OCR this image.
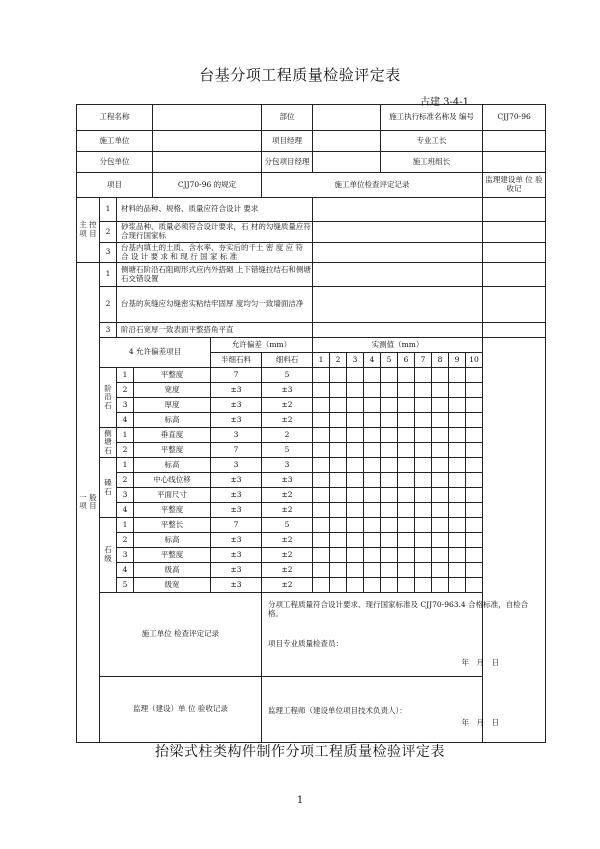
台基分项工程质量检验评定表
古建 3-4-1
工程名称						部位					施工执行标准名称及 编号						CJJ70-96
施工单位						项目经理					专业工长						
分包单位						分包项目经理					施工班组长						
项目				CJJ70-96 的规定		施工单位检查评定记录											监理建设单 位 验收记
主 控 项 目	1	材料的品种、规格、质量应符合设计 要求															
	2	砂浆品种、质量必须符合设计要求，石 材的勾缝质量应符合现行国家标															
	3	台基内填土的土质、含水率、夯实后的干土 密 度 应 符 合 设 计 要 求 和 现 行 国 家 标 准															
一 般 项 目	1	侧塘石阶沿石阻砌形式应内外搭砌 上下错缝拉结石和侧塘石交错设置															
	2	台基的灰缝应勾缝密实粘结牢固厚 度均匀一致墙面洁净															
	3	阶沿石宽厚一致表面平整搭角平直															
	4 允许偏差项目				允许偏差（mm）		实测值（mm）										
					半细石料	细料石	1	2	3	4	5	6	7	8	9	10	
	阶 沿 石	1	平整度		7	5											
		2	宽度		±3	±3											
		3	厚度		±3	±2											
		4	标高		±3	±2											
	侧 塘 石	1	垂直度		3	2											
		2	平整度		7	5											
	磉 石	1	标高		3	3											
		2	中心线位移		±3	±3											
		3	平面尺寸		±3	±2											
		4	平整度		±3	±2											
	石 级	1	平整长		7	5											
		2	标高		±3	±2											
		3	平整度		±3	±2											
		4	级高		±3	±2											
		5	级宽		±3	±2											
	施工单位 检查评定记录					分项工程质量符合设计要求、现行国家标准及 CJJ70-963.4 合格标准，自检合格。
项目专业质量检查员：
年　月　日											

	监理（建设）单 位 验收记录					监理工程师（建设单位项目技术负责人）：
年　月　日											
抬梁式柱类构件制作分项工程质量检验评定表
1
